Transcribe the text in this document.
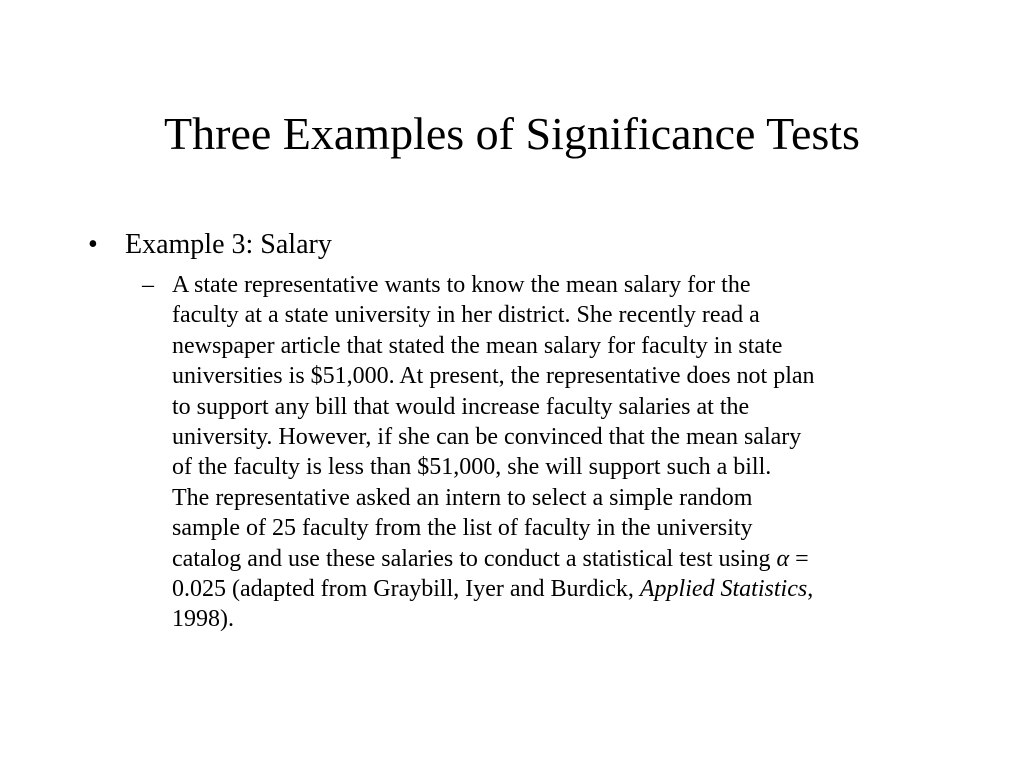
Three Examples of Significance Tests
• Example 3: Salary
– A state representative wants to know the mean salary for the
faculty at a state university in her district. She recently read a
newspaper article that stated the mean salary for faculty in state
universities is $51,000. At present, the representative does not plan
to support any bill that would increase faculty salaries at the
university. However, if she can be convinced that the mean salary
of the faculty is less than $51,000, she will support such a bill.
The representative asked an intern to select a simple random
sample of 25 faculty from the list of faculty in the university
catalog and use these salaries to conduct a statistical test using α =
0.025 (adapted from Graybill, Iyer and Burdick, Applied Statistics,
1998).
